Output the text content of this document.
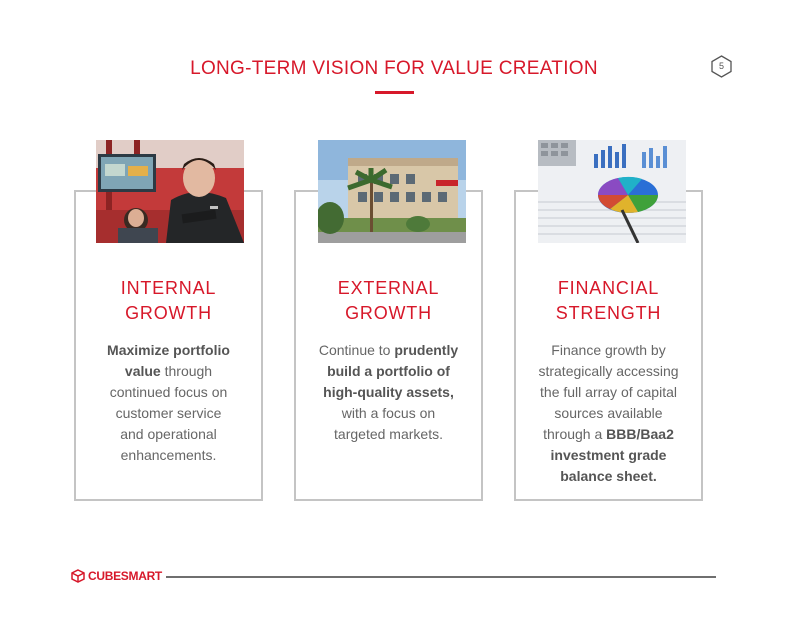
LONG-TERM VISION FOR VALUE CREATION	5
INTERNAL
GROWTH
Maximize portfolio
value through
continued focus on
customer service
and operational
enhancements.
EXTERNAL
GROWTH
Continue to prudently
build a portfolio of
high-quality assets,
with a focus on
targeted markets.
FINANCIAL
STRENGTH
Finance growth by
strategically accessing
the full array of capital
sources available
through a BBB/Baa2
investment grade
balance sheet.
CUBESMART
